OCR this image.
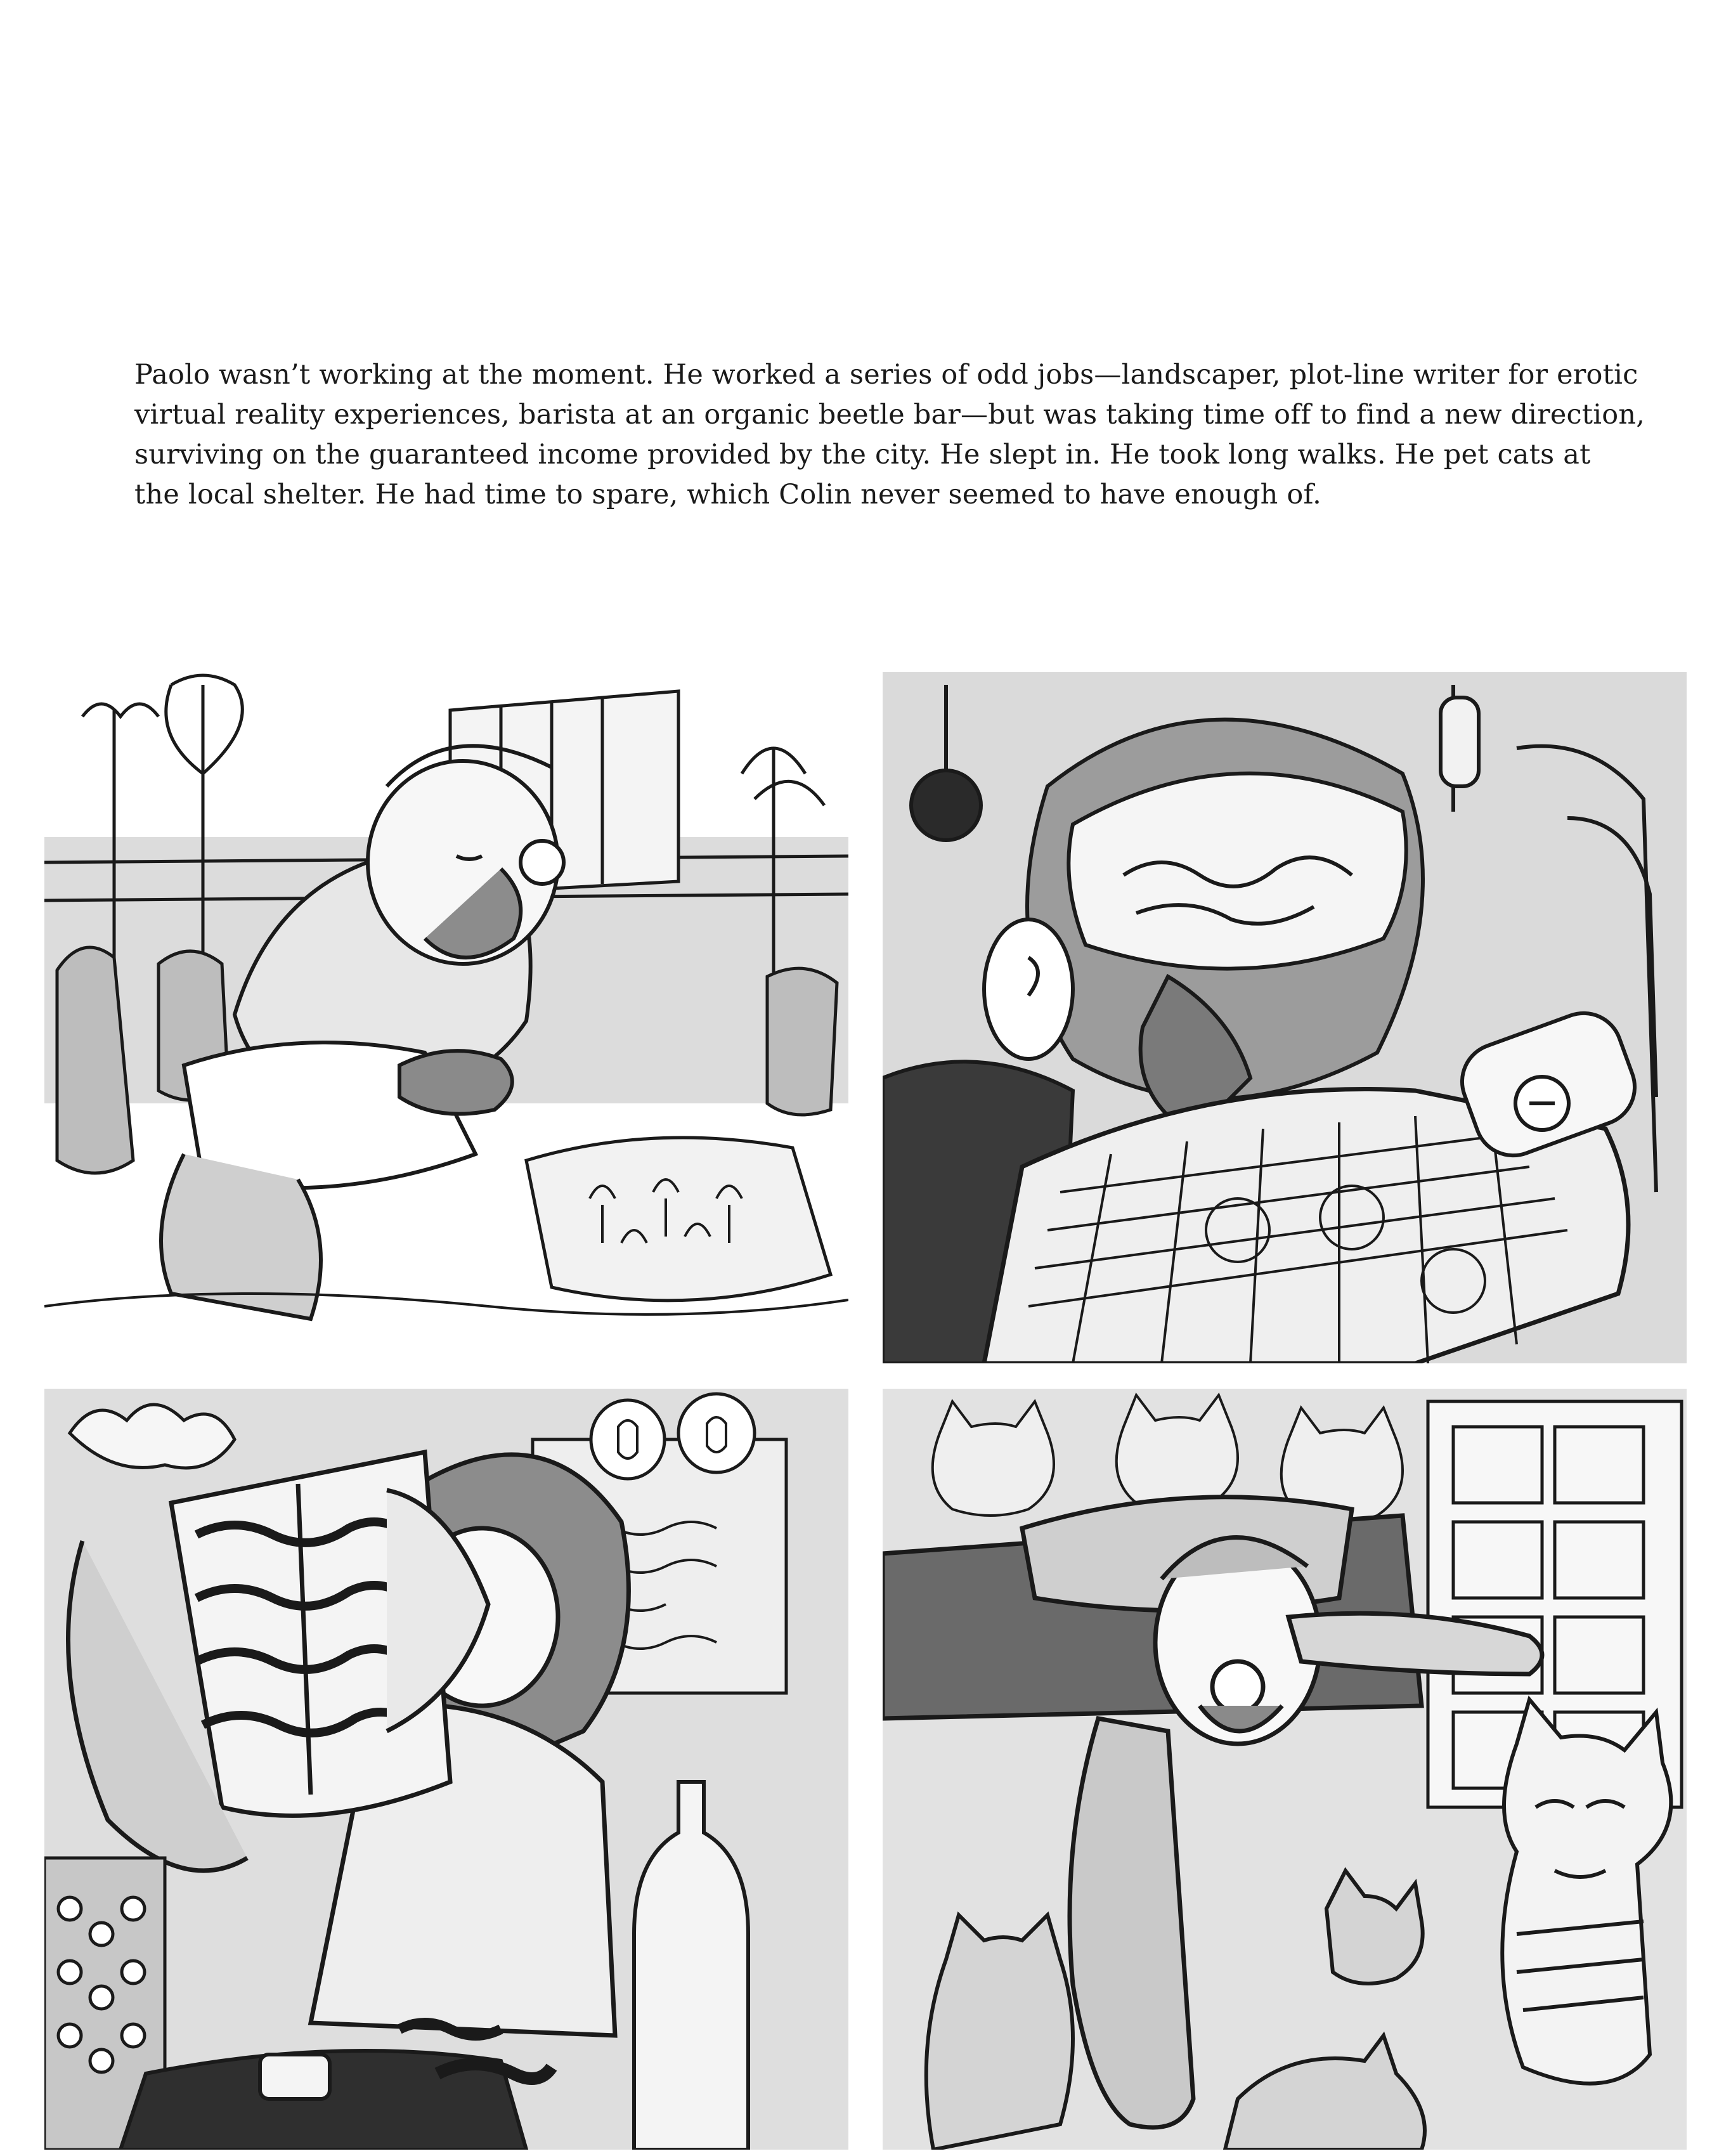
Paolo wasn’t working at the moment. He worked a series of odd jobs—landscaper, plot-line writer for erotic
virtual reality experiences, barista at an organic beetle bar—but was taking time off to find a new direction,
surviving on the guaranteed income provided by the city. He slept in. He took long walks. He pet cats at
the local shelter. He had time to spare, which Colin never seemed to have enough of.
